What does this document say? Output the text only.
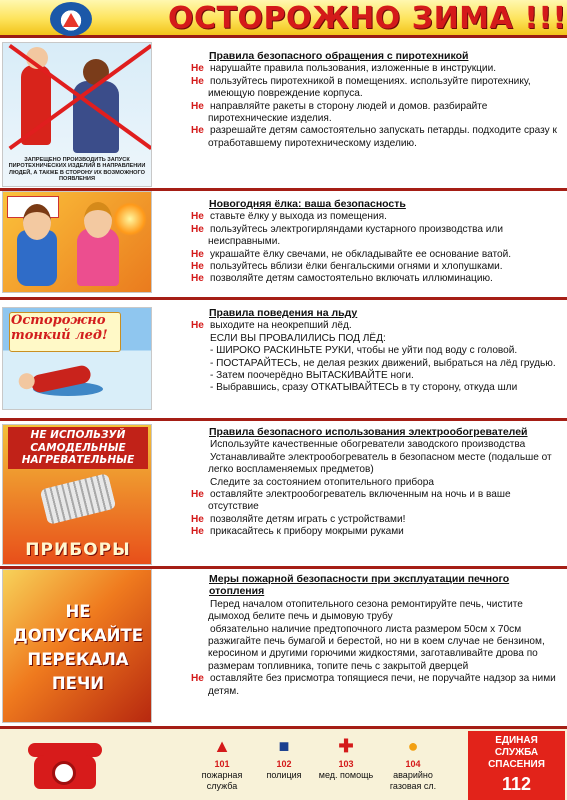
ОСТОРОЖНО ЗИМА !!!
ЗАПРЕЩЕНО ПРОИЗВОДИТЬ ЗАПУСК ПИРОТЕХНИЧЕСКИХ ИЗДЕЛИЙ В НАПРАВЛЕНИИ ЛЮДЕЙ, А ТАКЖЕ В СТОРОНУ ИХ ВОЗМОЖНОГО ПОЯВЛЕНИЯ
Правила безопасного обращения с пиротехникой
Не нарушайте правила пользования, изложенные в инструкции.
Не пользуйтесь пиротехникой в помещениях. используйте пиротехнику, имеющую повреждение корпуса.
Не направляйте ракеты в сторону людей и домов. разбирайте пиротехнические изделия.
Не разрешайте детям самостоятельно запускать петарды. подходите сразу к отработавшему пиротехническому изделию.
Новогодняя ёлка: ваша безопасность
Не ставьте ёлку у выхода из помещения.
Не пользуйтесь электрогирляндами кустарного производства или неисправными.
Не украшайте ёлку свечами, не обкладывайте ее основание ватой.
Не пользуйтесь вблизи ёлки бенгальскими огнями и хлопушками.
Не позволяйте детям самостоятельно включать иллюминацию.
Осторожно тонкий лед!
Правила поведения на льду
Не выходите на неокрепший лёд.
ЕСЛИ ВЫ ПРОВАЛИЛИСЬ ПОД ЛЁД:
- ШИРОКО РАСКИНЬТЕ РУКИ, чтобы не уйти под воду с головой.
- ПОСТАРАЙТЕСЬ, не делая резких движений, выбраться на лёд грудью.
- Затем поочерёдно ВЫТАСКИВАЙТЕ ноги.
- Выбравшись, сразу ОТКАТЫВАЙТЕСЬ в ту сторону, откуда шли
НЕ ИСПОЛЬЗУЙ САМОДЕЛЬНЫЕ НАГРЕВАТЕЛЬНЫЕ
ПРИБОРЫ
Правила безопасного использования электрообогревателей
Используйте качественные обогреватели заводского производства
Устанавливайте электрообогреватель в безопасном месте (подальше от легко воспламеняемых предметов)
Следите за состоянием отопительного прибора
Не оставляйте электрообогреватель включенным на ночь и в ваше отсутствие
Не позволяйте детям играть с устройствами!
Не прикасайтесь к прибору мокрыми руками
НЕ ДОПУСКАЙТЕ ПЕРЕКАЛА ПЕЧИ
Меры пожарной безопасности при эксплуатации печного отопления
Перед началом отопительного сезона ремонтируйте печь, чистите дымоход белите печь и дымовую трубу
обязательно наличие предтопочного листа размером 50см х 70см разжигайте печь бумагой и берестой, но ни в коем случае не бензином, керосином и другими горючими жидкостями, заготавливайте дрова по размерам топливника, топите печь с закрытой дверцей
Не оставляйте без присмотра топящиеся печи, не поручайте надзор за ними детям.
▲
101
пожарная служба
■
102
полиция
✚
103
мед. помощь
●
104
аварийно газовая сл.
ЕДИНАЯ
СЛУЖБА
СПАСЕНИЯ
112
